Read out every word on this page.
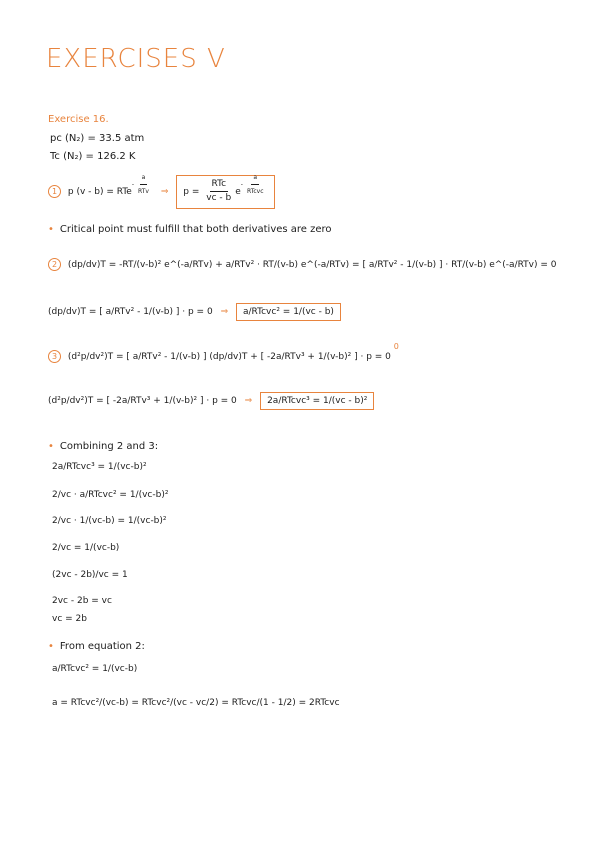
EXERCISES Ⅴ
Exercise 16.
pc (N₂) = 33.5 atm
Tc (N₂) = 126.2 K
1 p (v - b) = RTe$^{- \frac{a}{\text{RTv}}}$ ⇒ $p = \frac{\text{RTc}}{vc - b} e^{- \frac{a}{\text{RTcvc}}}$
• Critical point must fulfill that both derivatives are zero
2 (dp/dv)T = -RT/(v-b)² e^(-a/RTv) + a/RTv² · RT/(v-b) e^(-a/RTv) = [ a/RTv² - 1/(v-b) ] · RT/(v-b) e^(-a/RTv) = 0
(dp/dv)T = [ a/RTv² - 1/(v-b) ] · p = 0 ⇒ a/RTcvc² = 1/(vc - b)
3 (d²p/dv²)T = [ a/RTv² - 1/(v-b) ] (dp/dv)T + [ -2a/RTv³ + 1/(v-b)² ] · p = 0 0
(d²p/dv²)T = [ -2a/RTv³ + 1/(v-b)² ] · p = 0 ⇒ 2a/RTcvc³ = 1/(vc - b)²
• Combining 2 and 3:
2a/RTcvc³ = 1/(vc-b)²
2/vc · a/RTcvc² = 1/(vc-b)²
2/vc · 1/(vc-b) = 1/(vc-b)²
2/vc = 1/(vc-b)
(2vc - 2b)/vc = 1
2vc - 2b = vc
vc = 2b
• From equation 2:
a/RTcvc² = 1/(vc-b)
a = RTcvc²/(vc-b) = RTcvc²/(vc - vc/2) = RTcvc/(1 - 1/2) = 2RTcvc
